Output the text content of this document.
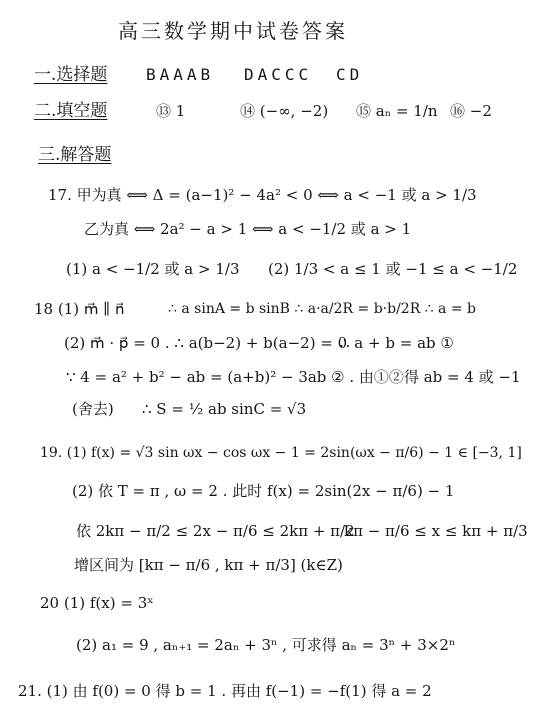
高三数学期中试卷答案
一.选择题 BAAAB DACCC CD
二.填空题	⑬ 1	⑭ (−∞, −2) ⑮ aₙ = 1/n ⑯ −2
三.解答题
17. 甲为真 ⟺ Δ = (a−1)² − 4a² < 0 ⟺ a < −1 或 a > 1/3
乙为真 ⟺ 2a² − a > 1 ⟺ a < −1/2 或 a > 1
(1) a < −1/2 或 a > 1/3 (2) 1/3 < a ≤ 1 或 −1 ≤ a < −1/2
18 (1) m⃗ ∥ n⃗	∴ a sinA = b sinB ∴ a·a/2R = b·b/2R ∴ a = b
(2) m⃗ · p⃗ = 0 . ∴ a(b−2) + b(a−2) = 0
∴ a + b = ab ①
∵ 4 = a² + b² − ab = (a+b)² − 3ab ② . 由①②得 ab = 4 或 −1
(舍去) ∴ S = ½ ab sinC = √3
19. (1) f(x) = √3 sin ωx − cos ωx − 1 = 2sin(ωx − π/6) − 1 ∈ [−3, 1]
(2) 依 T = π , ω = 2 . 此时 f(x) = 2sin(2x − π/6) − 1
依 2kπ − π/2 ≤ 2x − π/6 ≤ 2kπ + π/2
kπ − π/6 ≤ x ≤ kπ + π/3
增区间为 [kπ − π/6 , kπ + π/3] (k∈Z)
20 (1) f(x) = 3ˣ
(2) a₁ = 9 , aₙ₊₁ = 2aₙ + 3ⁿ , 可求得 aₙ = 3ⁿ + 3×2ⁿ
21. (1) 由 f(0) = 0 得 b = 1 . 再由 f(−1) = −f(1) 得 a = 2
